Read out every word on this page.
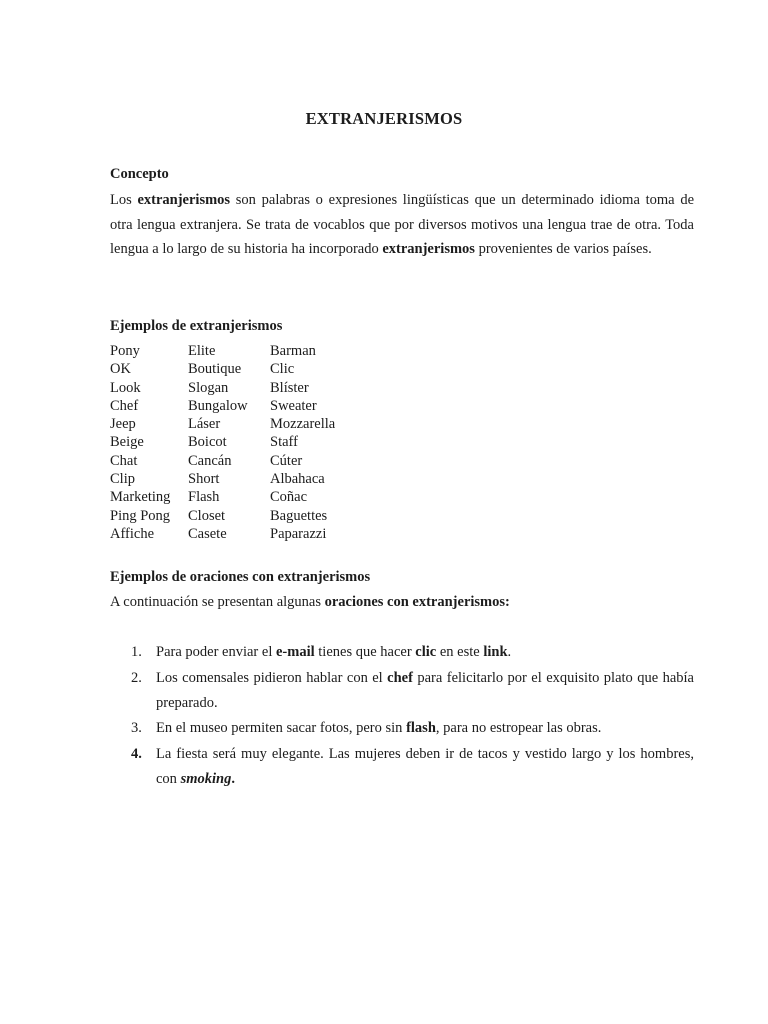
EXTRANJERISMOS
Concepto
Los extranjerismos son palabras o expresiones lingüísticas que un determinado idioma toma de otra lengua extranjera. Se trata de vocablos que por diversos motivos una lengua trae de otra. Toda lengua a lo largo de su historia ha incorporado extranjerismos provenientes de varios países.
Ejemplos de extranjerismos
Pony	Elite	Barman
OK	Boutique	Clic
Look	Slogan	Blíster
Chef	Bungalow	Sweater
Jeep	Láser	Mozzarella
Beige	Boicot	Staff
Chat	Cancán	Cúter
Clip	Short	Albahaca
Marketing	Flash	Coñac
Ping Pong	Closet	Baguettes
Affiche	Casete	Paparazzi
Ejemplos de oraciones con extranjerismos
A continuación se presentan algunas oraciones con extranjerismos:
1. Para poder enviar el e-mail tienes que hacer clic en este link.
2. Los comensales pidieron hablar con el chef para felicitarlo por el exquisito plato que había preparado.
3. En el museo permiten sacar fotos, pero sin flash, para no estropear las obras.
4. La fiesta será muy elegante. Las mujeres deben ir de tacos y vestido largo y los hombres, con smoking.
